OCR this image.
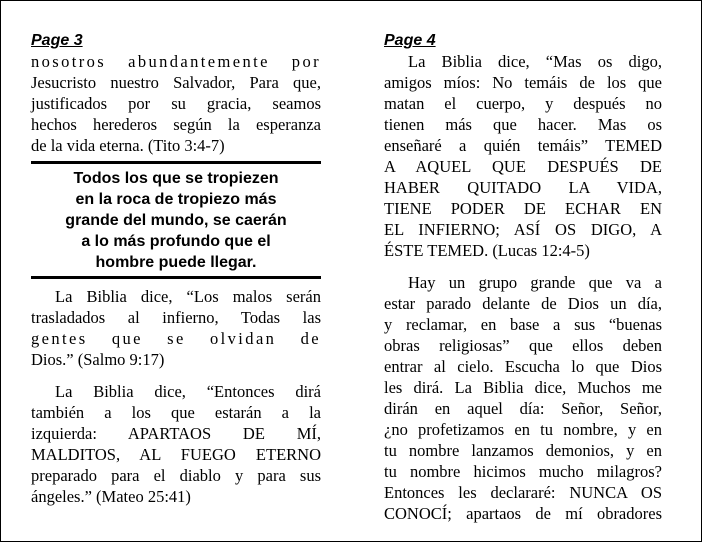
Page 3

nosotros abundantemente por
Jesucristo nuestro Salvador, Para que,
justificados por su gracia, seamos
hechos herederos según la esperanza
de la vida eterna. (Tito 3:4-7)
Todos los que se tropiezen
en la roca de tropiezo más
grande del mundo, se caerán
a lo más profundo que el
hombre puede llegar.
La Biblia dice, “Los malos serán
trasladados al infierno, Todas las
gentes que se olvidan de
Dios.” (Salmo 9:17)
La Biblia dice, “Entonces dirá
también a los que estarán a la
izquierda: APARTAOS DE MÍ,
MALDITOS, AL FUEGO ETERNO
preparado para el diablo y para sus
ángeles.” (Mateo 25:41)

Page 4

La Biblia dice, “Mas os digo,
amigos míos: No temáis de los que
matan el cuerpo, y después no
tienen más que hacer. Mas os
enseñaré a quién temáis” TEMED
A AQUEL QUE DESPUÉS DE
HABER QUITADO LA VIDA,
TIENE PODER DE ECHAR EN
EL INFIERNO; ASÍ OS DIGO, A
ÉSTE TEMED. (Lucas 12:4-5)
Hay un grupo grande que va a
estar parado delante de Dios un día,
y reclamar, en base a sus “buenas
obras religiosas” que ellos deben
entrar al cielo. Escucha lo que Dios
les dirá. La Biblia dice, Muchos me
dirán en aquel día: Señor, Señor,
¿no profetizamos en tu nombre, y en
tu nombre lanzamos demonios, y en
tu nombre hicimos mucho milagros?
Entonces les declararé: NUNCA OS
CONOCÍ; apartaos de mí obradores
